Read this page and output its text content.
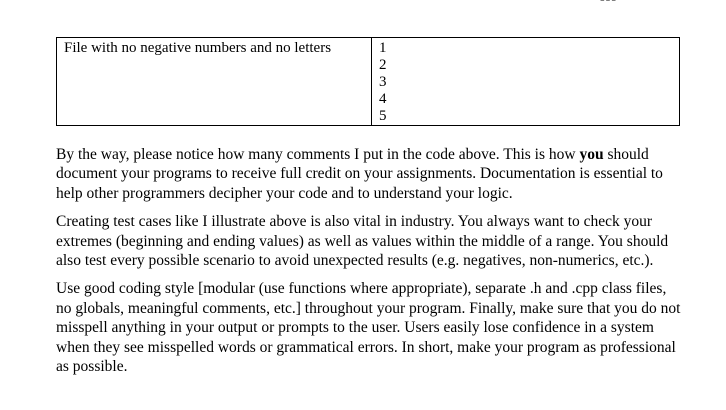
File with no negative numbers and no letters	1
2
3
4
5

By the way, please notice how many comments I put in the code above. This is how you should document your programs to receive full credit on your assignments. Documentation is essential to help other programmers decipher your code and to understand your logic.

Creating test cases like I illustrate above is also vital in industry. You always want to check your extremes (beginning and ending values) as well as values within the middle of a range. You should also test every possible scenario to avoid unexpected results (e.g. negatives, non-numerics, etc.).

Use good coding style [modular (use functions where appropriate), separate .h and .cpp class files, no globals, meaningful comments, etc.] throughout your program. Finally, make sure that you do not misspell anything in your output or prompts to the user. Users easily lose confidence in a system when they see misspelled words or grammatical errors. In short, make your program as professional as possible.
